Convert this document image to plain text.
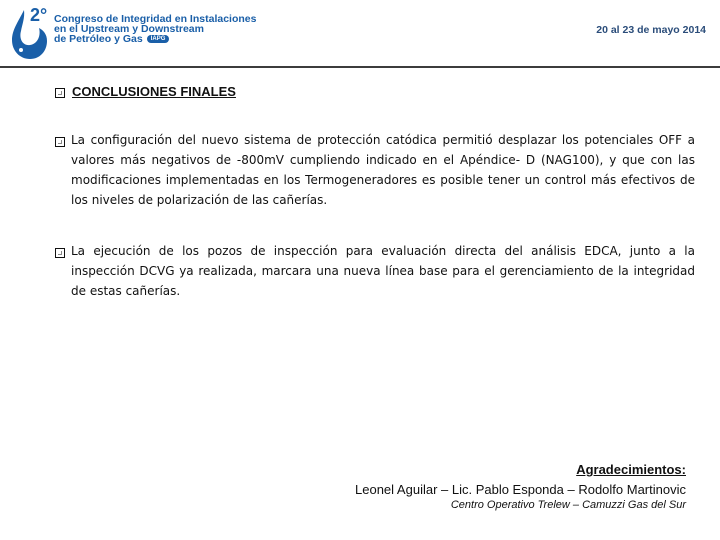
2° Congreso de Integridad en Instalaciones
en el Upstream y Downstream
de Petróleo y Gas IAPG
20 al 23 de mayo 2014
CONCLUSIONES FINALES
La configuración del nuevo sistema de protección catódica permitió desplazar los potenciales OFF a valores más negativos de -800mV cumpliendo indicado en el Apéndice- D (NAG100), y que con las modificaciones implementadas en los Termogeneradores es posible tener un control más efectivos de los niveles de polarización de las cañerías.
La ejecución de los pozos de inspección para evaluación directa del análisis EDCA, junto a la inspección DCVG ya realizada, marcara una nueva línea base para el gerenciamiento de la integridad de estas cañerías.
Agradecimientos:
Leonel Aguilar – Lic. Pablo Esponda – Rodolfo Martinovic
Centro Operativo Trelew – Camuzzi Gas del Sur
